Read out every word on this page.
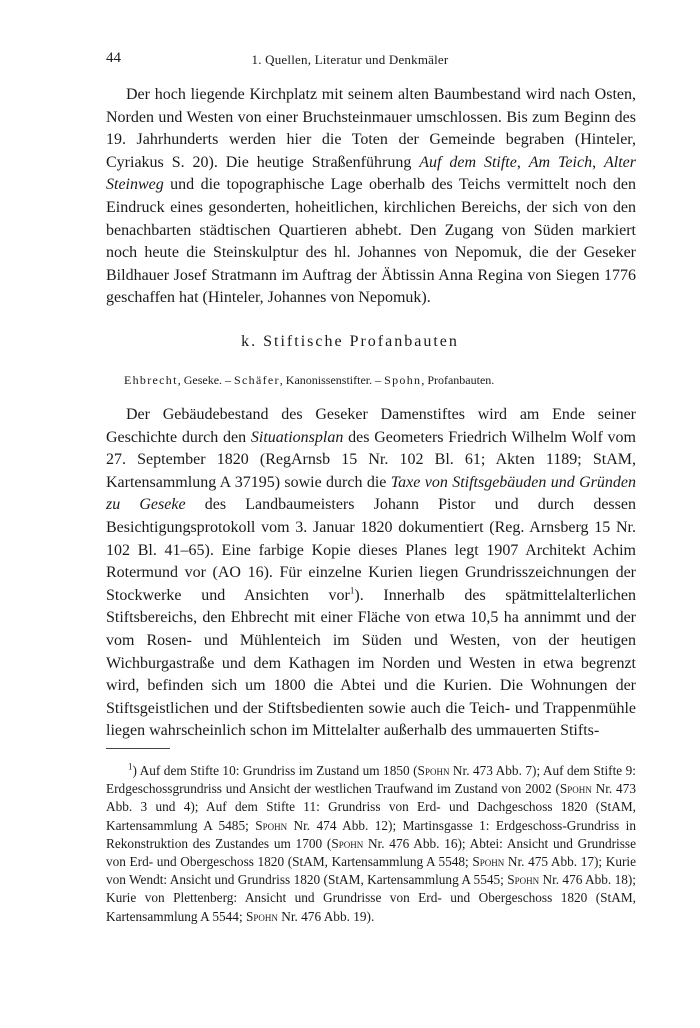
44	1. Quellen, Literatur und Denkmäler

Der hoch liegende Kirchplatz mit seinem alten Baumbestand wird nach Osten, Norden und Westen von einer Bruchsteinmauer umschlossen. Bis zum Beginn des 19. Jahrhunderts werden hier die Toten der Gemeinde begraben (Hinteler, Cyriakus S. 20). Die heutige Straßenführung Auf dem Stifte, Am Teich, Alter Steinweg und die topographische Lage oberhalb des Teichs vermittelt noch den Eindruck eines gesonderten, hoheitlichen, kirchlichen Bereichs, der sich von den benachbarten städtischen Quartieren abhebt. Den Zugang von Süden markiert noch heute die Steinskulptur des hl. Johannes von Nepomuk, die der Geseker Bildhauer Josef Stratmann im Auftrag der Äbtissin Anna Regina von Siegen 1776 geschaffen hat (Hinteler, Johannes von Nepomuk).

k. Stiftische Profanbauten
Ehbrecht, Geseke. – Schäfer, Kanonissenstifter. – Spohn, Profanbauten.

Der Gebäudebestand des Geseker Damenstiftes wird am Ende seiner Geschichte durch den Situationsplan des Geometers Friedrich Wilhelm Wolf vom 27. September 1820 (RegArnsb 15 Nr. 102 Bl. 61; Akten 1189; StAM, Kartensammlung A 37195) sowie durch die Taxe von Stiftsgebäuden und Gründen zu Geseke des Landbaumeisters Johann Pistor und durch dessen Besichtigungsprotokoll vom 3. Januar 1820 dokumentiert (Reg. Arnsberg 15 Nr. 102 Bl. 41–65). Eine farbige Kopie dieses Planes legt 1907 Architekt Achim Rotermund vor (AO 16). Für einzelne Kurien liegen Grundrisszeichnungen der Stockwerke und Ansichten vor$^1$). Innerhalb des spätmittelalterlichen Stiftsbereichs, den Ehbrecht mit einer Fläche von etwa 10,5 ha annimmt und der vom Rosen- und Mühlenteich im Süden und Westen, von der heutigen Wichburgastraße und dem Kathagen im Norden und Westen in etwa begrenzt wird, befinden sich um 1800 die Abtei und die Kurien. Die Wohnungen der Stiftsgeistlichen und der Stiftsbedienten sowie auch die Teich- und Trappenmühle liegen wahrscheinlich schon im Mittelalter außerhalb des ummauerten Stifts-

$^1$) Auf dem Stifte 10: Grundriss im Zustand um 1850 (Spohn Nr. 473 Abb. 7); Auf dem Stifte 9: Erdgeschossgrundriss und Ansicht der westlichen Traufwand im Zustand von 2002 (Spohn Nr. 473 Abb. 3 und 4); Auf dem Stifte 11: Grundriss von Erd- und Dachgeschoss 1820 (StAM, Kartensammlung A 5485; Spohn Nr. 474 Abb. 12); Martinsgasse 1: Erdgeschoss-Grundriss in Rekonstruktion des Zustandes um 1700 (Spohn Nr. 476 Abb. 16); Abtei: Ansicht und Grundrisse von Erd- und Obergeschoss 1820 (StAM, Kartensammlung A 5548; Spohn Nr. 475 Abb. 17); Kurie von Wendt: Ansicht und Grundriss 1820 (StAM, Kartensammlung A 5545; Spohn Nr. 476 Abb. 18); Kurie von Plettenberg: Ansicht und Grundrisse von Erd- und Obergeschoss 1820 (StAM, Kartensammlung A 5544; Spohn Nr. 476 Abb. 19).
